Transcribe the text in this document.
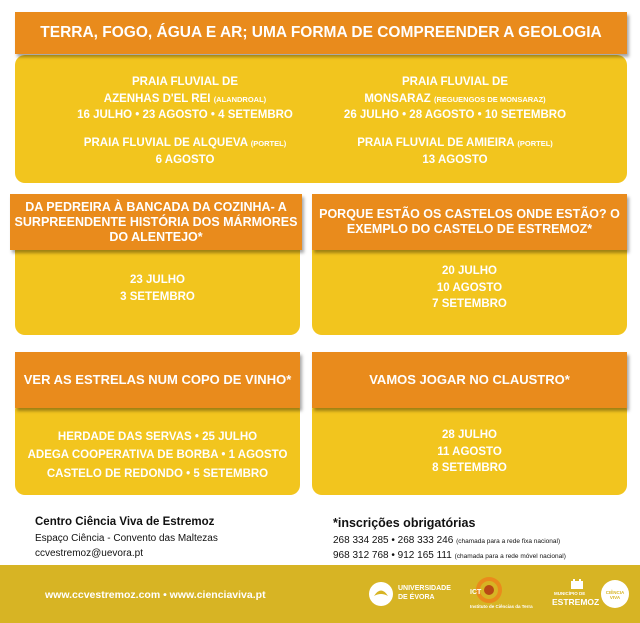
TERRA, FOGO, ÁGUA E AR; UMA FORMA DE COMPREENDER A GEOLOGIA
PRAIA FLUVIAL DE
AZENHAS D'EL REI (ALANDROAL)
16 JULHO • 23 AGOSTO • 4 SETEMBRO
PRAIA FLUVIAL DE
MONSARAZ (REGUENGOS DE MONSARAZ)
26 JULHO • 28 AGOSTO • 10 SETEMBRO
PRAIA FLUVIAL DE ALQUEVA (PORTEL)
6 AGOSTO
PRAIA FLUVIAL DE AMIEIRA (PORTEL)
13 AGOSTO
DA PEDREIRA À BANCADA DA COZINHA- A SURPREENDENTE HISTÓRIA DOS MÁRMORES DO ALENTEJO*
23 JULHO
3 SETEMBRO
PORQUE ESTÃO OS CASTELOS ONDE ESTÃO? O EXEMPLO DO CASTELO DE ESTREMOZ*
20 JULHO
10 AGOSTO
7 SETEMBRO
VER AS ESTRELAS NUM COPO DE VINHO*
HERDADE DAS SERVAS • 25 JULHO
ADEGA COOPERATIVA DE BORBA • 1 AGOSTO
CASTELO DE REDONDO • 5 SETEMBRO
VAMOS JOGAR NO CLAUSTRO*
28 JULHO
11 AGOSTO
8 SETEMBRO
Centro Ciência Viva de Estremoz
Espaço Ciência - Convento das Maltezas
ccvestremoz@uevora.pt
*inscrições obrigatórias
268 334 285 • 268 333 246 (chamada para a rede fixa nacional)
968 312 768 • 912 165 111 (chamada para a rede móvel nacional)
www.ccvestremoz.com • www.cienciaviva.pt
UNIVERSIDADE
DE ÉVORA
ICT
Instituto de Ciências da Terra
MUNICÍPIO DE
ESTREMOZ
CIÊNCIA VIVA
